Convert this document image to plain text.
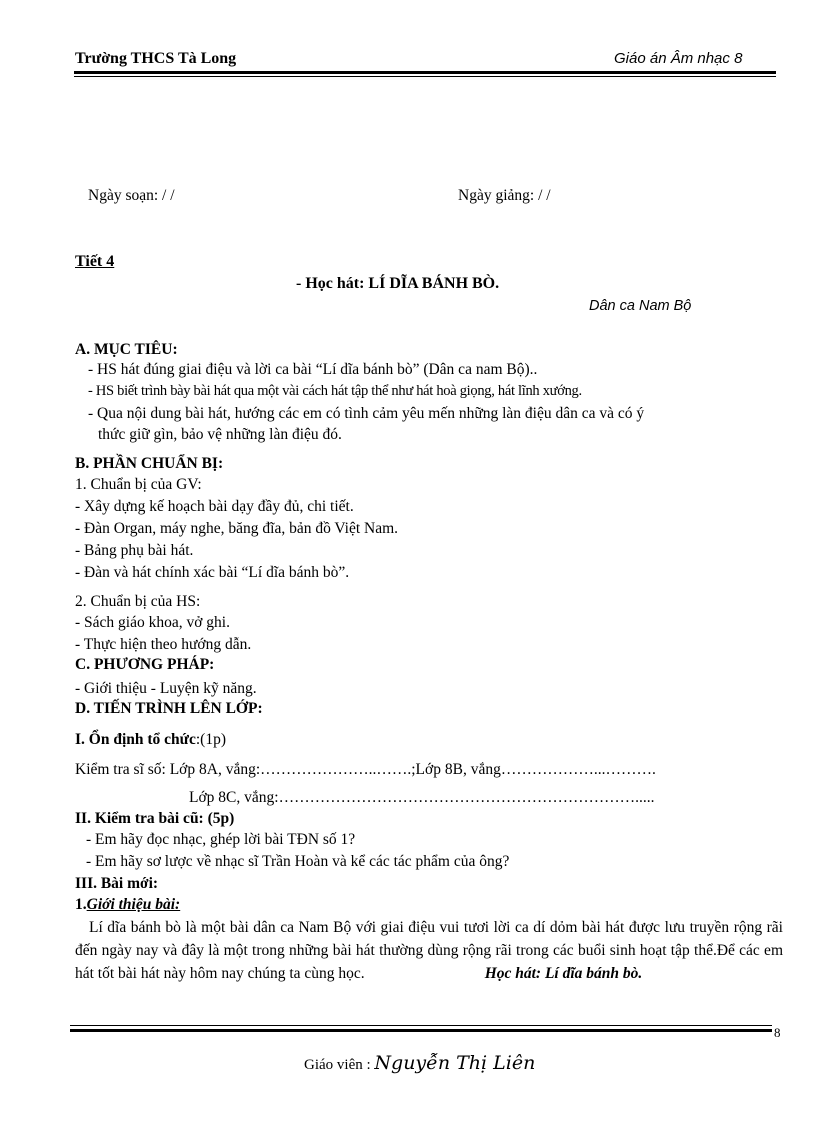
Trường THCS Tà Long	Giáo án Âm nhạc 8
Ngày soạn: / /	Ngày giảng: / /
Tiết 4
- Học hát: LÍ DĨA BÁNH BÒ.
Dân ca Nam Bộ
A. MỤC TIÊU:
- HS hát đúng giai điệu và lời ca bài “Lí dĩa bánh bò” (Dân ca nam Bộ)..
- HS biết trình bày bài hát qua một vài cách hát tập thể như hát hoà giọng, hát lĩnh xướng.
- Qua nội dung bài hát, hướng các em có tình cảm yêu mến những làn điệu dân ca và có ý
thức giữ gìn, bảo vệ những làn điệu đó.
B. PHẦN CHUẨN BỊ:
1. Chuẩn bị của GV:
- Xây dựng kế hoạch bài dạy đầy đủ, chi tiết.
- Đàn Organ, máy nghe, băng đĩa, bản đồ Việt Nam.
- Bảng phụ bài hát.
- Đàn và hát chính xác bài “Lí dĩa bánh bò”.
2. Chuẩn bị của HS:
- Sách giáo khoa, vở ghi.
- Thực hiện theo hướng dẫn.
C. PHƯƠNG PHÁP:
- Giới thiệu - Luyện kỹ năng.
D. TIẾN TRÌNH LÊN LỚP:
I. Ổn định tổ chức:(1p)
Kiểm tra sĩ số: Lớp 8A, vắng:…………………..…….;Lớp 8B, vắng………………...……….
Lớp 8C, vắng:…………………………………………………………….....
II. Kiểm tra bài cũ: (5p)
- Em hãy đọc nhạc, ghép lời bài TĐN số 1?
- Em hãy sơ lược về nhạc sĩ Trần Hoàn và kể các tác phẩm của ông?
III. Bài mới:
1.Giới thiệu bài:
Lí dĩa bánh bò là một bài dân ca Nam Bộ với giai điệu vui tươi lời ca dí dỏm bài hát được lưu truyền rộng rãi đến ngày nay và đây là một trong những bài hát thường dùng rộng rãi trong các buổi sinh hoạt tập thể.Để các em hát tốt bài hát này hôm nay chúng ta cùng học.	Học hát: Lí dĩa bánh bò.
8
Giáo viên : Nguyễn Thị Liên
